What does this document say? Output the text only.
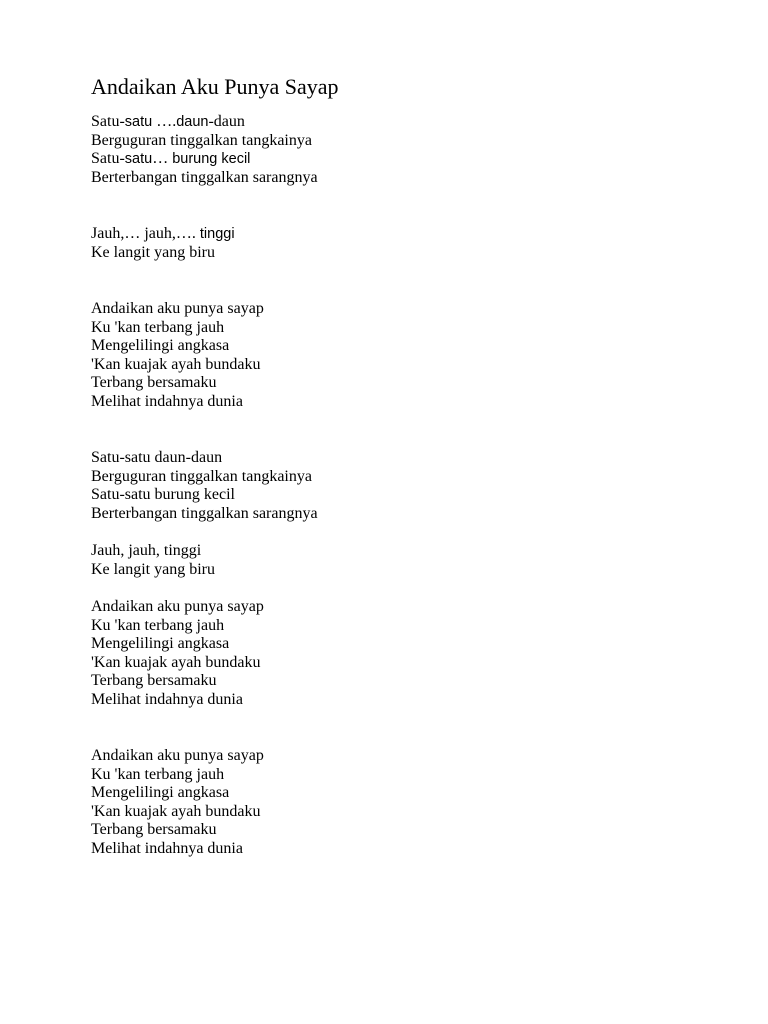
Andaikan Aku Punya Sayap
Satu-satu ….daun-daun
Berguguran tinggalkan tangkainya
Satu-satu… burung kecil
Berterbangan tinggalkan sarangnya
Jauh,… jauh,…. tinggi
Ke langit yang biru
Andaikan aku punya sayap
Ku 'kan terbang jauh
Mengelilingi angkasa
'Kan kuajak ayah bundaku
Terbang bersamaku
Melihat indahnya dunia
Satu-satu daun-daun
Berguguran tinggalkan tangkainya
Satu-satu burung kecil
Berterbangan tinggalkan sarangnya
Jauh, jauh, tinggi
Ke langit yang biru
Andaikan aku punya sayap
Ku 'kan terbang jauh
Mengelilingi angkasa
'Kan kuajak ayah bundaku
Terbang bersamaku
Melihat indahnya dunia
Andaikan aku punya sayap
Ku 'kan terbang jauh
Mengelilingi angkasa
'Kan kuajak ayah bundaku
Terbang bersamaku
Melihat indahnya dunia
